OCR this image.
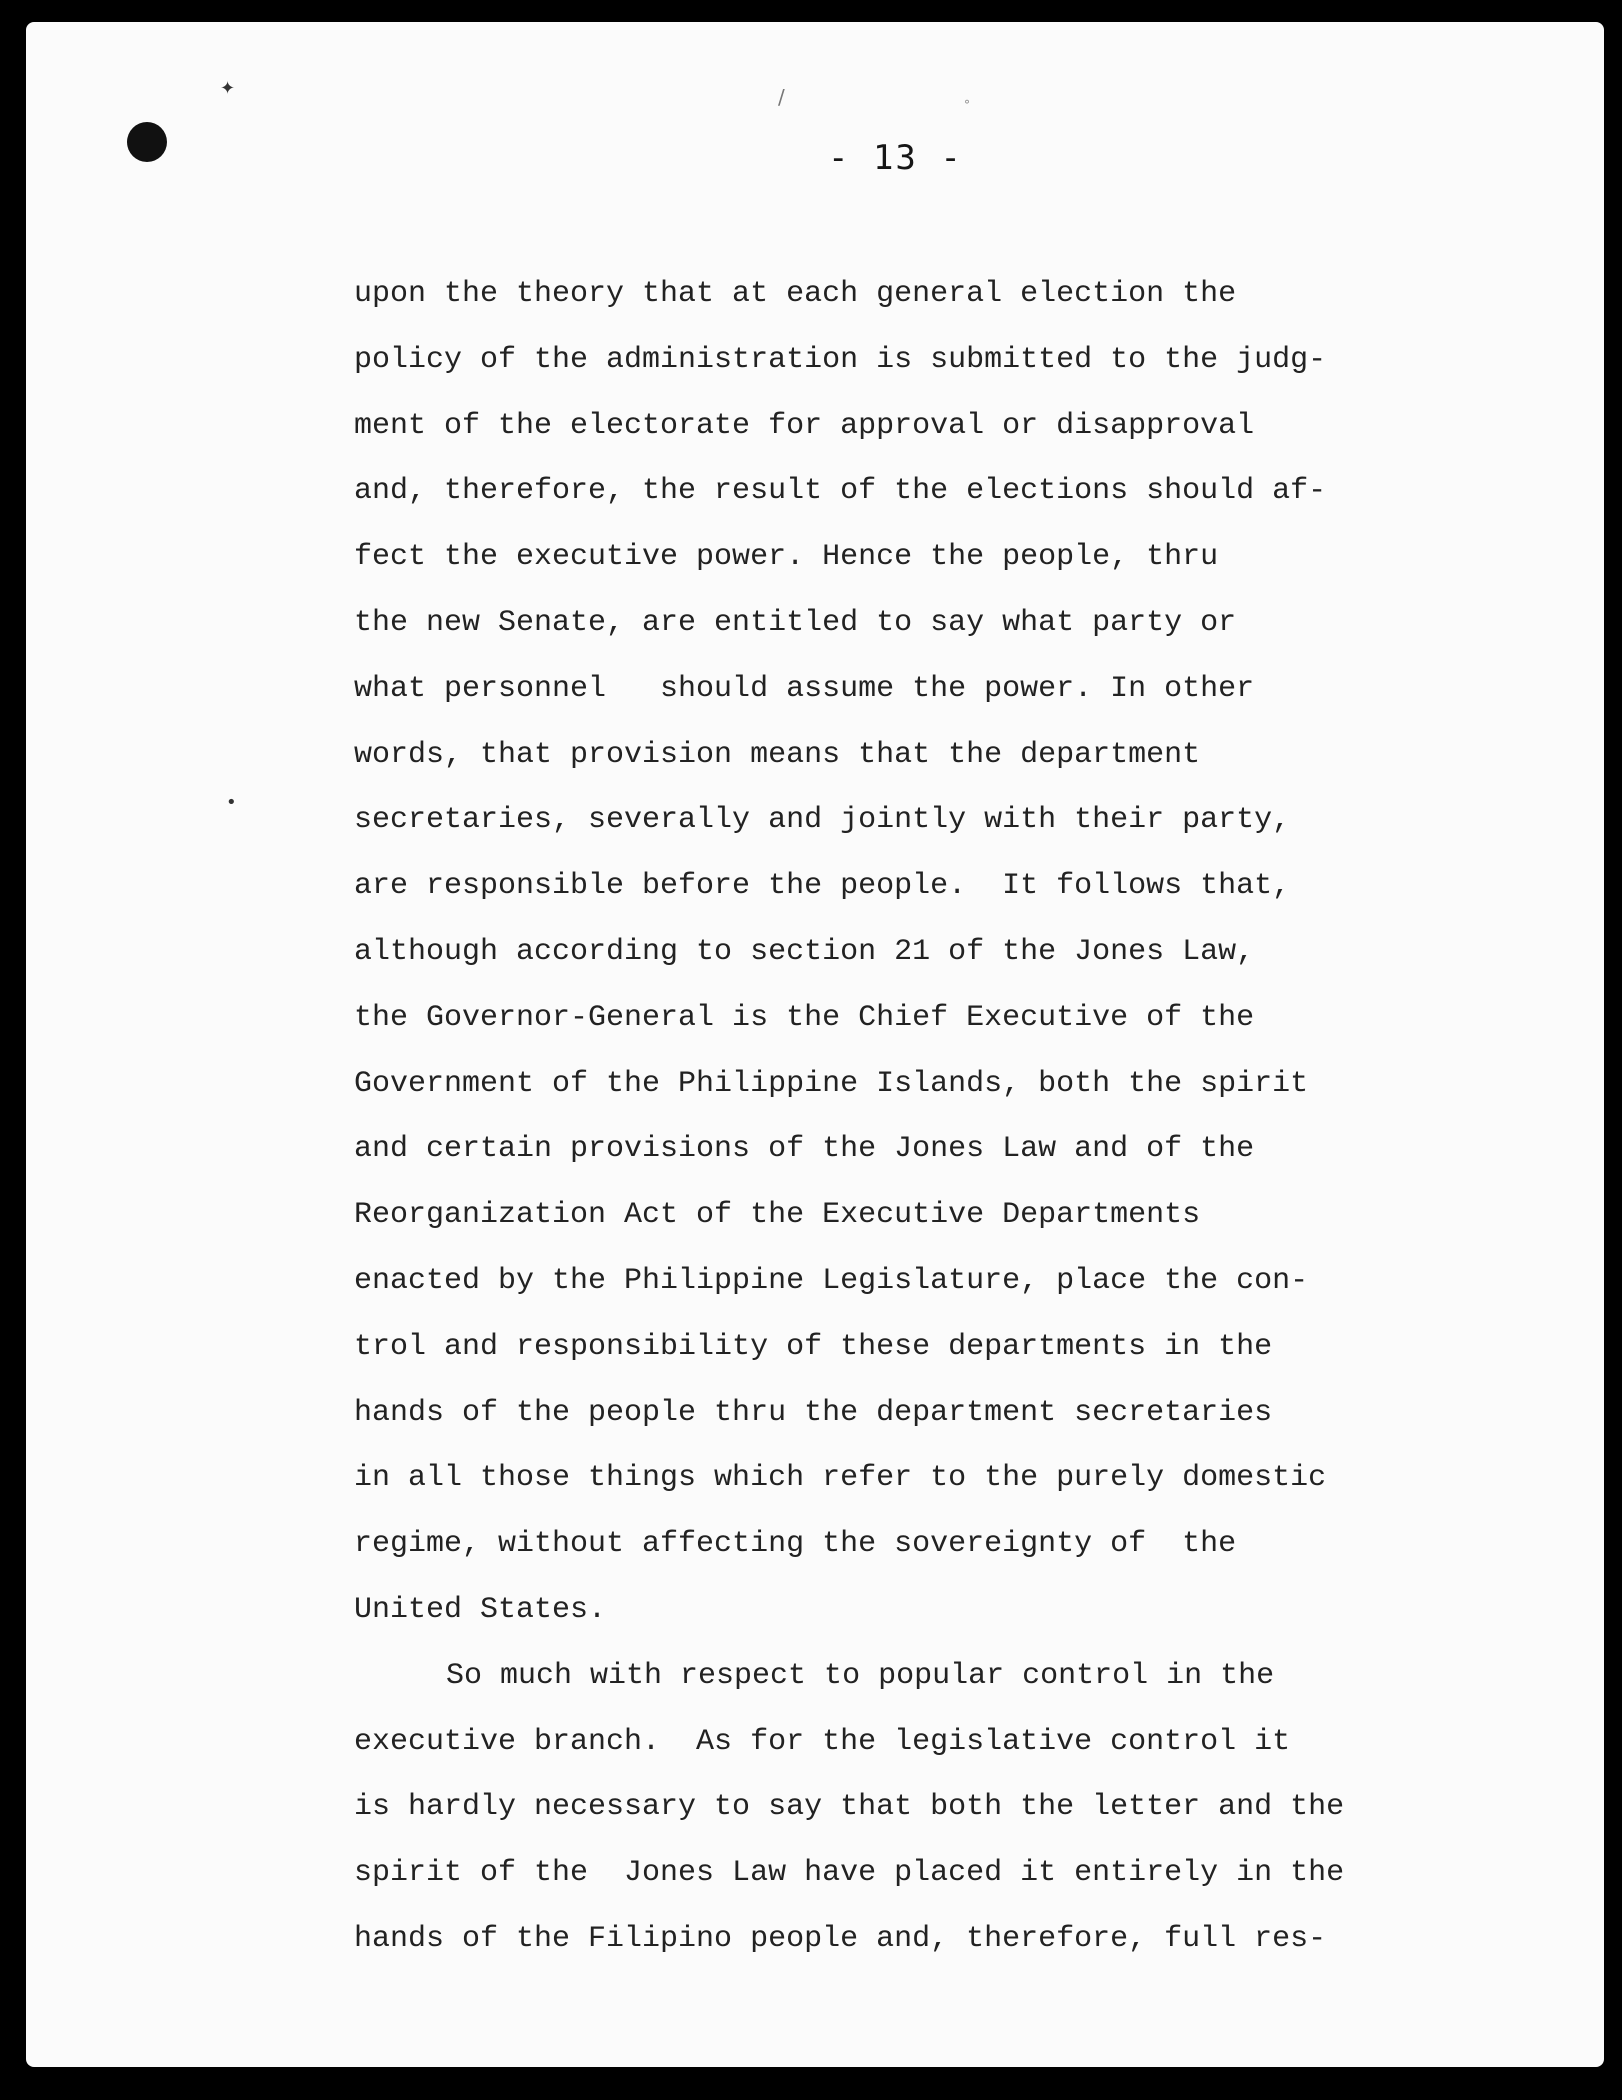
✦
•
/	°
- 13 -
upon the theory that at each general election the
policy of the administration is submitted to the judg-
ment of the electorate for approval or disapproval
and, therefore, the result of the elections should af-
fect the executive power. Hence the people, thru
the new Senate, are entitled to say what party or
what personnel   should assume the power. In other
words, that provision means that the department
secretaries, severally and jointly with their party,
are responsible before the people.  It follows that,
although according to section 21 of the Jones Law,
the Governor-General is the Chief Executive of the
Government of the Philippine Islands, both the spirit
and certain provisions of the Jones Law and of the
Reorganization Act of the Executive Departments
enacted by the Philippine Legislature, place the con-
trol and responsibility of these departments in the
hands of the people thru the department secretaries
in all those things which refer to the purely domestic
regime, without affecting the sovereignty of  the
United States.
So much with respect to popular control in the
executive branch.  As for the legislative control it
is hardly necessary to say that both the letter and the
spirit of the  Jones Law have placed it entirely in the
hands of the Filipino people and, therefore, full res-
